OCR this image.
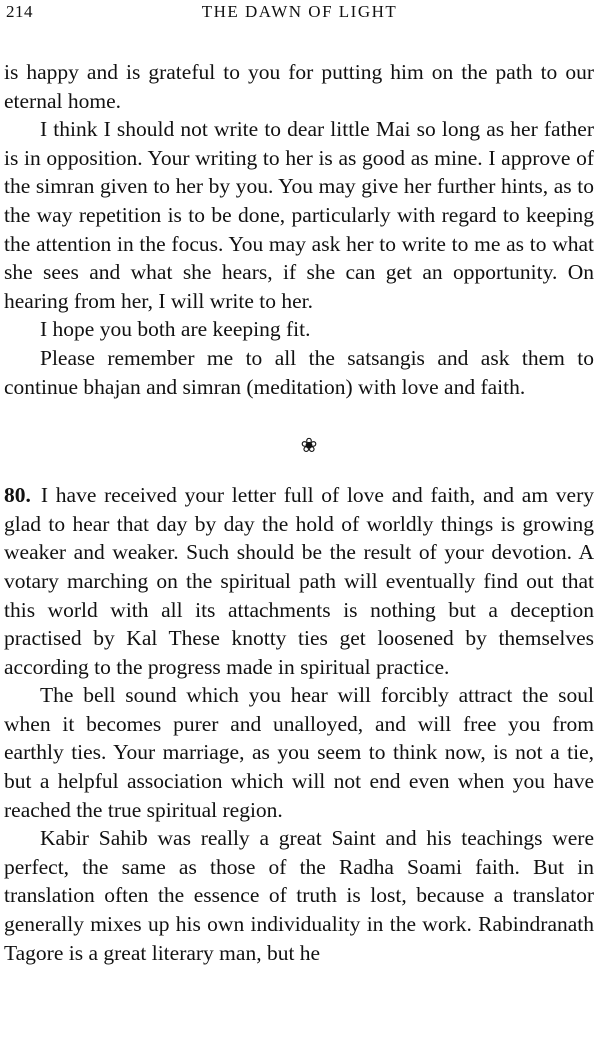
214	THE DAWN OF LIGHT

is happy and is grateful to you for putting him on the path to our eternal home.

I think I should not write to dear little Mai so long as her father is in opposition. Your writing to her is as good as mine. I approve of the simran given to her by you. You may give her further hints, as to the way repetition is to be done, particularly with regard to keeping the attention in the focus. You may ask her to write to me as to what she sees and what she hears, if she can get an opportunity. On hearing from her, I will write to her.

I hope you both are keeping fit.

Please remember me to all the satsangis and ask them to continue bhajan and simran (meditation) with love and faith.

❀

80. I have received your letter full of love and faith, and am very glad to hear that day by day the hold of worldly things is growing weaker and weaker. Such should be the result of your devotion. A votary marching on the spiritual path will eventually find out that this world with all its attachments is nothing but a deception practised by Kal These knotty ties get loosened by themselves according to the progress made in spiritual practice.

The bell sound which you hear will forcibly attract the soul when it becomes purer and unalloyed, and will free you from earthly ties. Your marriage, as you seem to think now, is not a tie, but a helpful association which will not end even when you have reached the true spiritual region.

Kabir Sahib was really a great Saint and his teachings were perfect, the same as those of the Radha Soami faith. But in translation often the essence of truth is lost, because a translator generally mixes up his own individuality in the work. Rabindranath Tagore is a great literary man, but he
